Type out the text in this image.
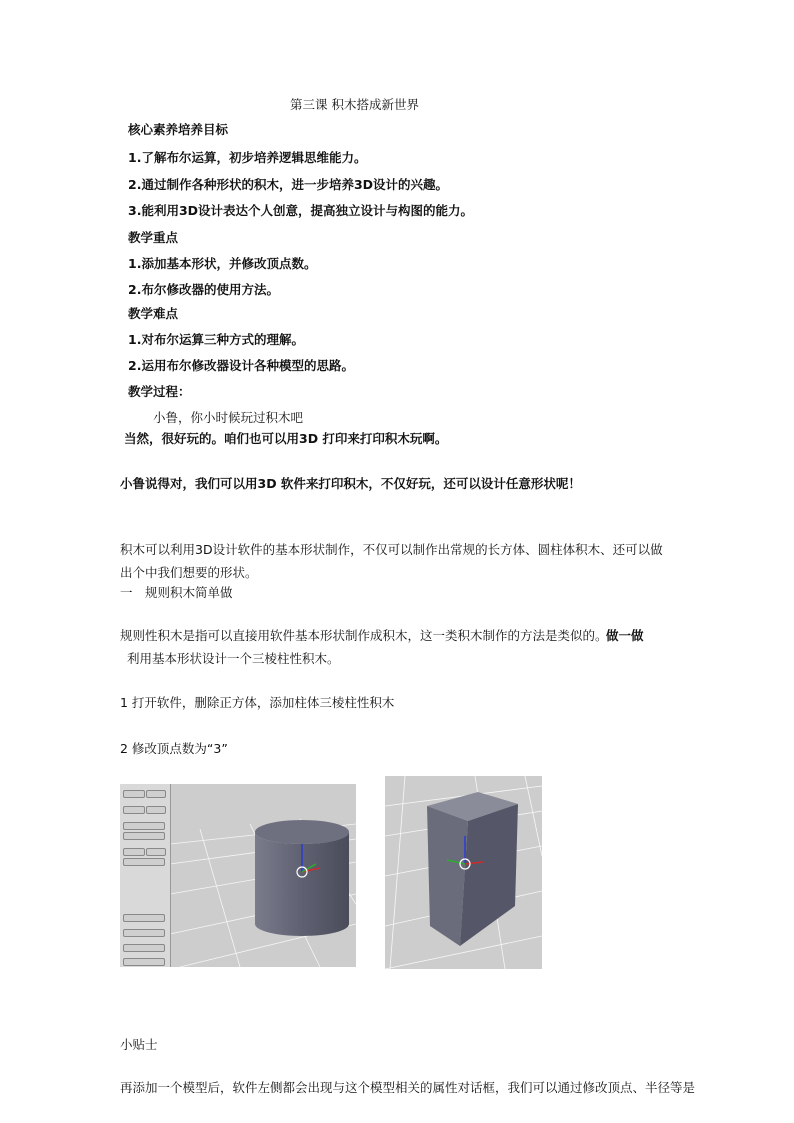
第三课 积木搭成新世界
核心素养培养目标
1.了解布尔运算，初步培养逻辑思维能力。
2.通过制作各种形状的积木，进一步培养3D设计的兴趣。
3.能利用3D设计表达个人创意，提高独立设计与构图的能力。
教学重点
1.添加基本形状，并修改顶点数。
2.布尔修改器的使用方法。
教学难点
1.对布尔运算三种方式的理解。
2.运用布尔修改器设计各种模型的思路。
教学过程：
小鲁，你小时候玩过积木吧
当然，很好玩的。咱们也可以用3D 打印来打印积木玩啊。
小鲁说得对，我们可以用3D 软件来打印积木，不仅好玩，还可以设计任意形状呢！
积木可以利用3D设计软件的基本形状制作，不仅可以制作出常规的长方体、圆柱体积木、还可以做
出个中我们想要的形状。
一　规则积木简单做
规则性积木是指可以直接用软件基本形状制作成积木，这一类积木制作的方法是类似的。
做一做
利用基本形状设计一个三棱柱性积木。
1 打开软件，删除正方体，添加柱体三棱柱性积木
2 修改顶点数为“3”
小贴士
再添加一个模型后，软件左侧都会出现与这个模型相关的属性对话框，我们可以通过修改顶点、半径等是
